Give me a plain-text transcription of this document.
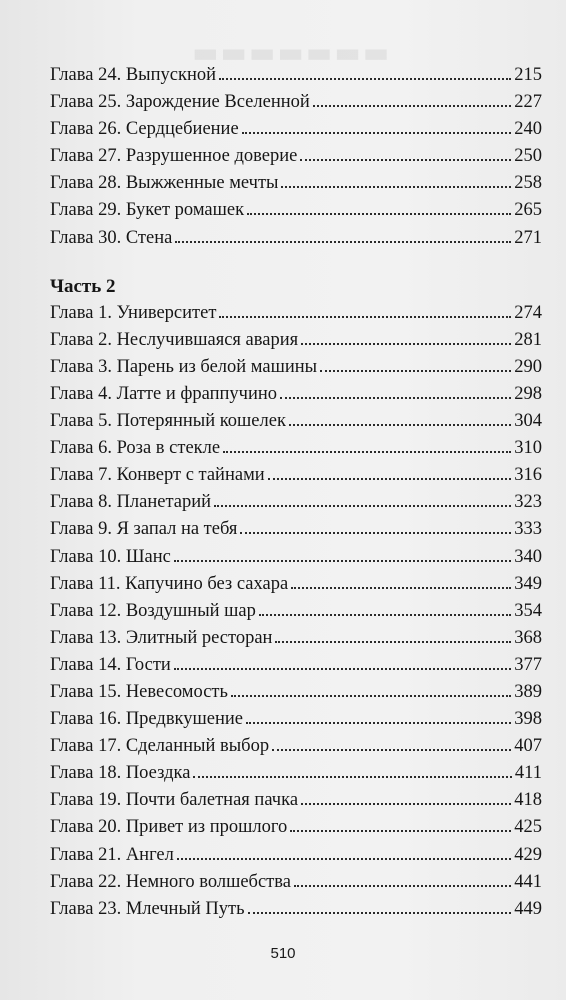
▬▬▬▬▬▬▬
Глава 24. Выпускной	215
Глава 25. Зарождение Вселенной	227
Глава 26. Сердцебиение	240
Глава 27. Разрушенное доверие	250
Глава 28. Выжженные мечты	258
Глава 29. Букет ромашек	265
Глава 30. Стена	271
Часть 2
Глава 1. Университет	274
Глава 2. Неслучившаяся авария	281
Глава 3. Парень из белой машины	290
Глава 4. Латте и фраппучино	298
Глава 5. Потерянный кошелек	304
Глава 6. Роза в стекле	310
Глава 7. Конверт с тайнами	316
Глава 8. Планетарий	323
Глава 9. Я запал на тебя	333
Глава 10. Шанс	340
Глава 11. Капучино без сахара	349
Глава 12. Воздушный шар	354
Глава 13. Элитный ресторан	368
Глава 14. Гости	377
Глава 15. Невесомость	389
Глава 16. Предвкушение	398
Глава 17. Сделанный выбор	407
Глава 18. Поездка	411
Глава 19. Почти балетная пачка	418
Глава 20. Привет из прошлого	425
Глава 21. Ангел	429
Глава 22. Немного волшебства	441
Глава 23. Млечный Путь	449
510
